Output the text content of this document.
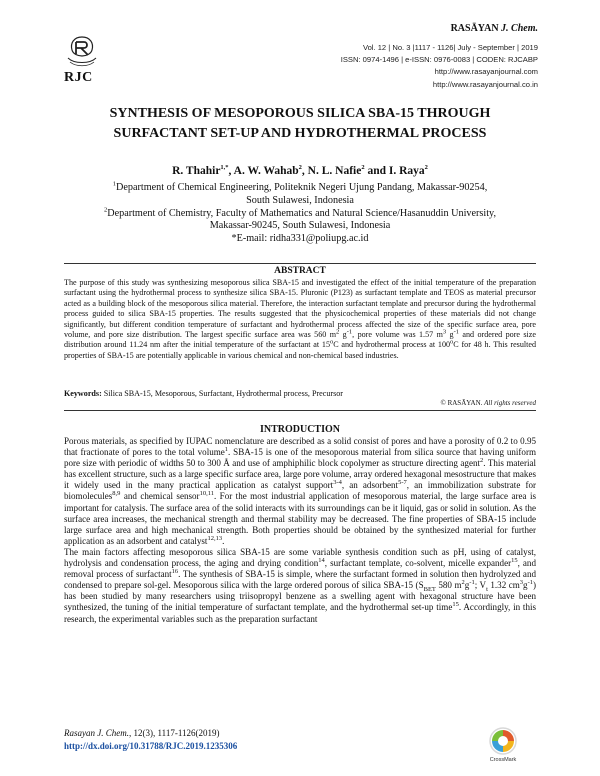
RJC
RASĀYAN J. Chem.
Vol. 12 | No. 3 |1117 - 1126| July - September | 2019
ISSN: 0974-1496 | e-ISSN: 0976-0083 | CODEN: RJCABP
http://www.rasayanjournal.com
http://www.rasayanjournal.co.in
SYNTHESIS OF MESOPOROUS SILICA SBA-15 THROUGH
SURFACTANT SET-UP AND HYDROTHERMAL PROCESS
R. Thahir$^{1,*}$, A. W. Wahab$^2$, N. L. Nafie$^2$ and I. Raya$^2$
$^1$Department of Chemical Engineering, Politeknik Negeri Ujung Pandang, Makassar-90254,
South Sulawesi, Indonesia
$^2$Department of Chemistry, Faculty of Mathematics and Natural Science/Hasanuddin University,
Makassar-90245, South Sulawesi, Indonesia
*E-mail: ridha331@poliupg.ac.id
ABSTRACT
The purpose of this study was synthesizing mesoporous silica SBA-15 and investigated the effect of the initial temperature of the preparation surfactant using the hydrothermal process to synthesize silica SBA-15. Pluronic (P123) as surfactant template and TEOS as material precursor acted as a building block of the mesoporous silica material. Therefore, the interaction surfactant template and precursor during the hydrothermal process guided to silica SBA-15 properties. The results suggested that the physicochemical properties of these materials did not change significantly, but different condition temperature of surfactant and hydrothermal process affected the size of the specific surface area, pore volume, and pore size distribution. The largest specific surface area was 560 $m^2$ $g^{-1}$, pore volume was 1.57 $m^3$ $g^{-1}$ and ordered pore size distribution around 11.24 nm after the initial temperature of the surfactant at 15$^o$C and hydrothermal process at 100$^o$C for 48 h. This resulted properties of SBA-15 are potentially applicable in various chemical and non-chemical based industries.
Keywords: Silica SBA-15, Mesoporous, Surfactant, Hydrothermal process, Precursor
© RASĀYAN. All rights reserved
INTRODUCTION

Porous materials, as specified by IUPAC nomenclature are described as a solid consist of pores and have a porosity of 0.2 to 0.95 that fractionate of pores to the total volume$^1$. SBA-15 is one of the mesoporous material from silica source that having uniform pore size with periodic of widths 50 to 300 Å and use of amphiphilic block copolymer as structure directing agent$^2$. This material has excellent structure, such as a large specific surface area, large pore volume, array ordered hexagonal mesostructure that makes it widely used in the many practical application as catalyst support$^{3-4}$, an adsorbent$^{5-7}$, an immobilization substrate for biomolecules$^{8,9}$ and chemical sensor$^{10,11}$. For the most industrial application of mesoporous material, the large surface area is important for catalysis. The surface area of the solid interacts with its surroundings can be it liquid, gas or solid in solution. As the surface area increases, the mechanical strength and thermal stability may be decreased. The fine properties of SBA-15 include large surface area and high mechanical strength. Both properties should be obtained by the synthesized material for further application as an adsorbent and catalyst$^{12,13}$.

The main factors affecting mesoporous silica SBA-15 are some variable synthesis condition such as pH, using of catalyst, hydrolysis and condensation process, the aging and drying condition$^{14}$, surfactant template, co-solvent, micelle expander$^{15}$, and removal process of surfactant$^{16}$. The synthesis of SBA-15 is simple, where the surfactant formed in solution then hydrolyzed and condensed to prepare sol-gel. Mesoporous silica with the large ordered porous of silica SBA-15 ($S_{BET}$ 580 $m^2g^{-1}$; $V_t$ 1.32 $cm^3g^{-1}$) has been studied by many researchers using triisopropyl benzene as a swelling agent with hexagonal structure have been synthesized, the tuning of the initial temperature of surfactant template, and the hydrothermal set-up time$^{15}$. Accordingly, in this research, the experimental variables such as the preparation surfactant

Rasayan J. Chem., 12(3), 1117-1126(2019)
http://dx.doi.org/10.31788/RJC.2019.1235306
CrossMark
